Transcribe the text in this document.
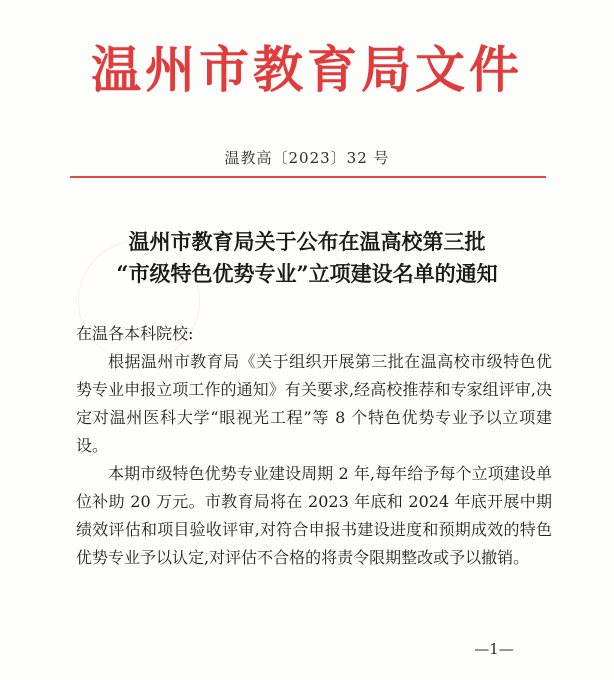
温州市教育局文件
温教高〔2023〕32 号
温州市教育局关于公布在温高校第三批
“市级特色优势专业”立项建设名单的通知

在温各本科院校:

根据温州市教育局《关于组织开展第三批在温高校市级特色优势专业申报立项工作的通知》有关要求,经高校推荐和专家组评审,决定对温州医科大学“眼视光工程”等 8 个特色优势专业予以立项建设。

本期市级特色优势专业建设周期 2 年,每年给予每个立项建设单位补助 20 万元。市教育局将在 2023 年底和 2024 年底开展中期绩效评估和项目验收评审,对符合申报书建设进度和预期成效的特色优势专业予以认定,对评估不合格的将责令限期整改或予以撤销。

—1—
